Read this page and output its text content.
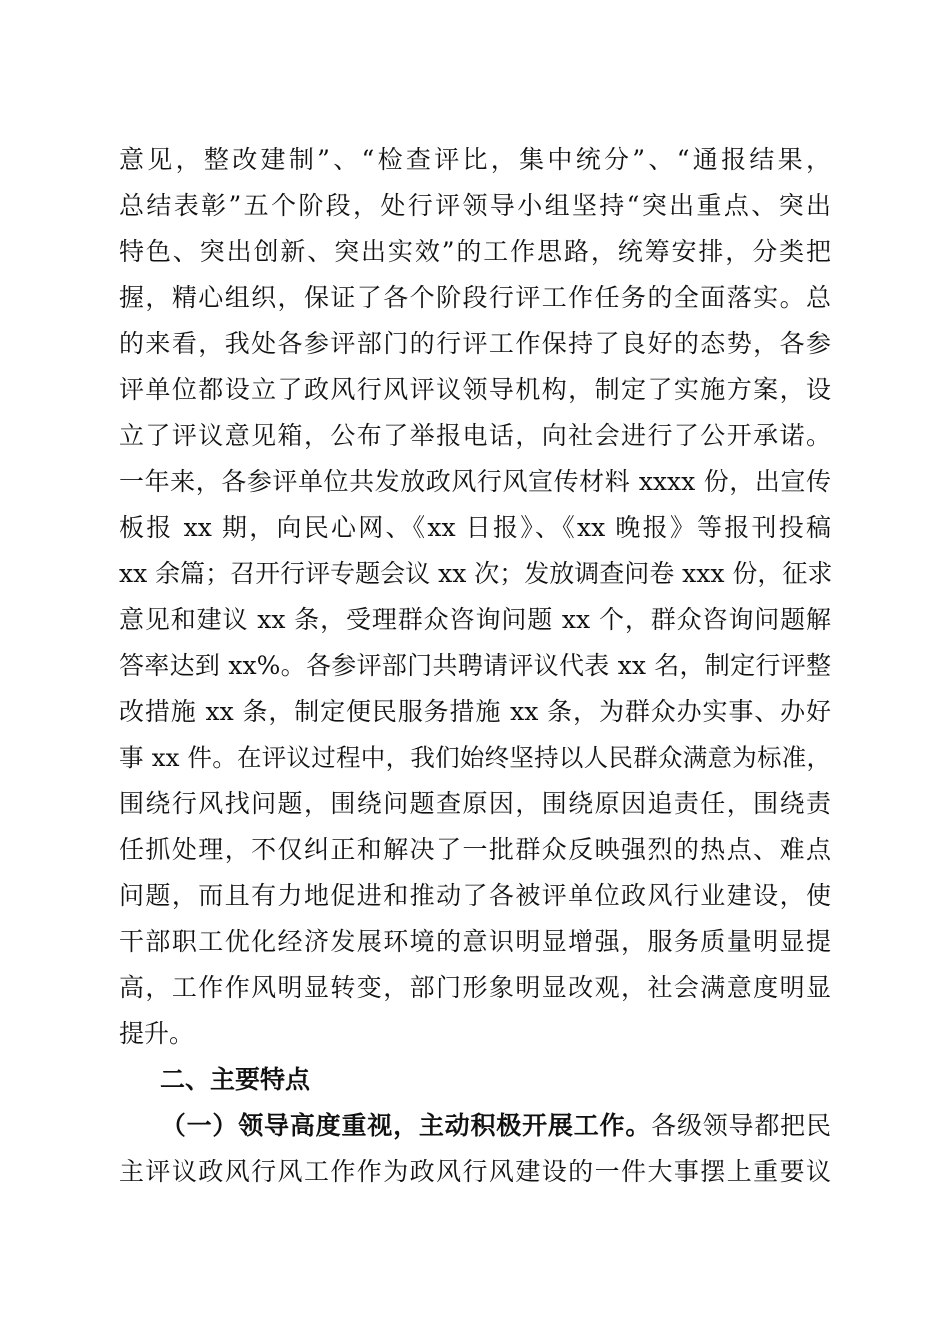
意见，整改建制”、“检查评比，集中统分”、“通报结果，
总结表彰”五个阶段，处行评领导小组坚持“突出重点、突出
特色、突出创新、突出实效”的工作思路，统筹安排，分类把
握，精心组织，保证了各个阶段行评工作任务的全面落实。总
的来看，我处各参评部门的行评工作保持了良好的态势，各参
评单位都设立了政风行风评议领导机构，制定了实施方案，设
立了评议意见箱，公布了举报电话，向社会进行了公开承诺。
一年来，各参评单位共发放政风行风宣传材料 xxxx 份，出宣传
板报 xx 期，向民心网、《xx 日报》、《xx 晚报》等报刊投稿
xx 余篇；召开行评专题会议 xx 次；发放调查问卷 xxx 份，征求
意见和建议 xx 条，受理群众咨询问题 xx 个，群众咨询问题解
答率达到 xx%。各参评部门共聘请评议代表 xx 名，制定行评整
改措施 xx 条，制定便民服务措施 xx 条，为群众办实事、办好
事 xx 件。在评议过程中，我们始终坚持以人民群众满意为标准，
围绕行风找问题，围绕问题查原因，围绕原因追责任，围绕责
任抓处理，不仅纠正和解决了一批群众反映强烈的热点、难点
问题，而且有力地促进和推动了各被评单位政风行业建设，使
干部职工优化经济发展环境的意识明显增强，服务质量明显提
高，工作作风明显转变，部门形象明显改观，社会满意度明显
提升。
二、主要特点
（一）领导高度重视，主动积极开展工作。各级领导都把民
主评议政风行风工作作为政风行风建设的一件大事摆上重要议
